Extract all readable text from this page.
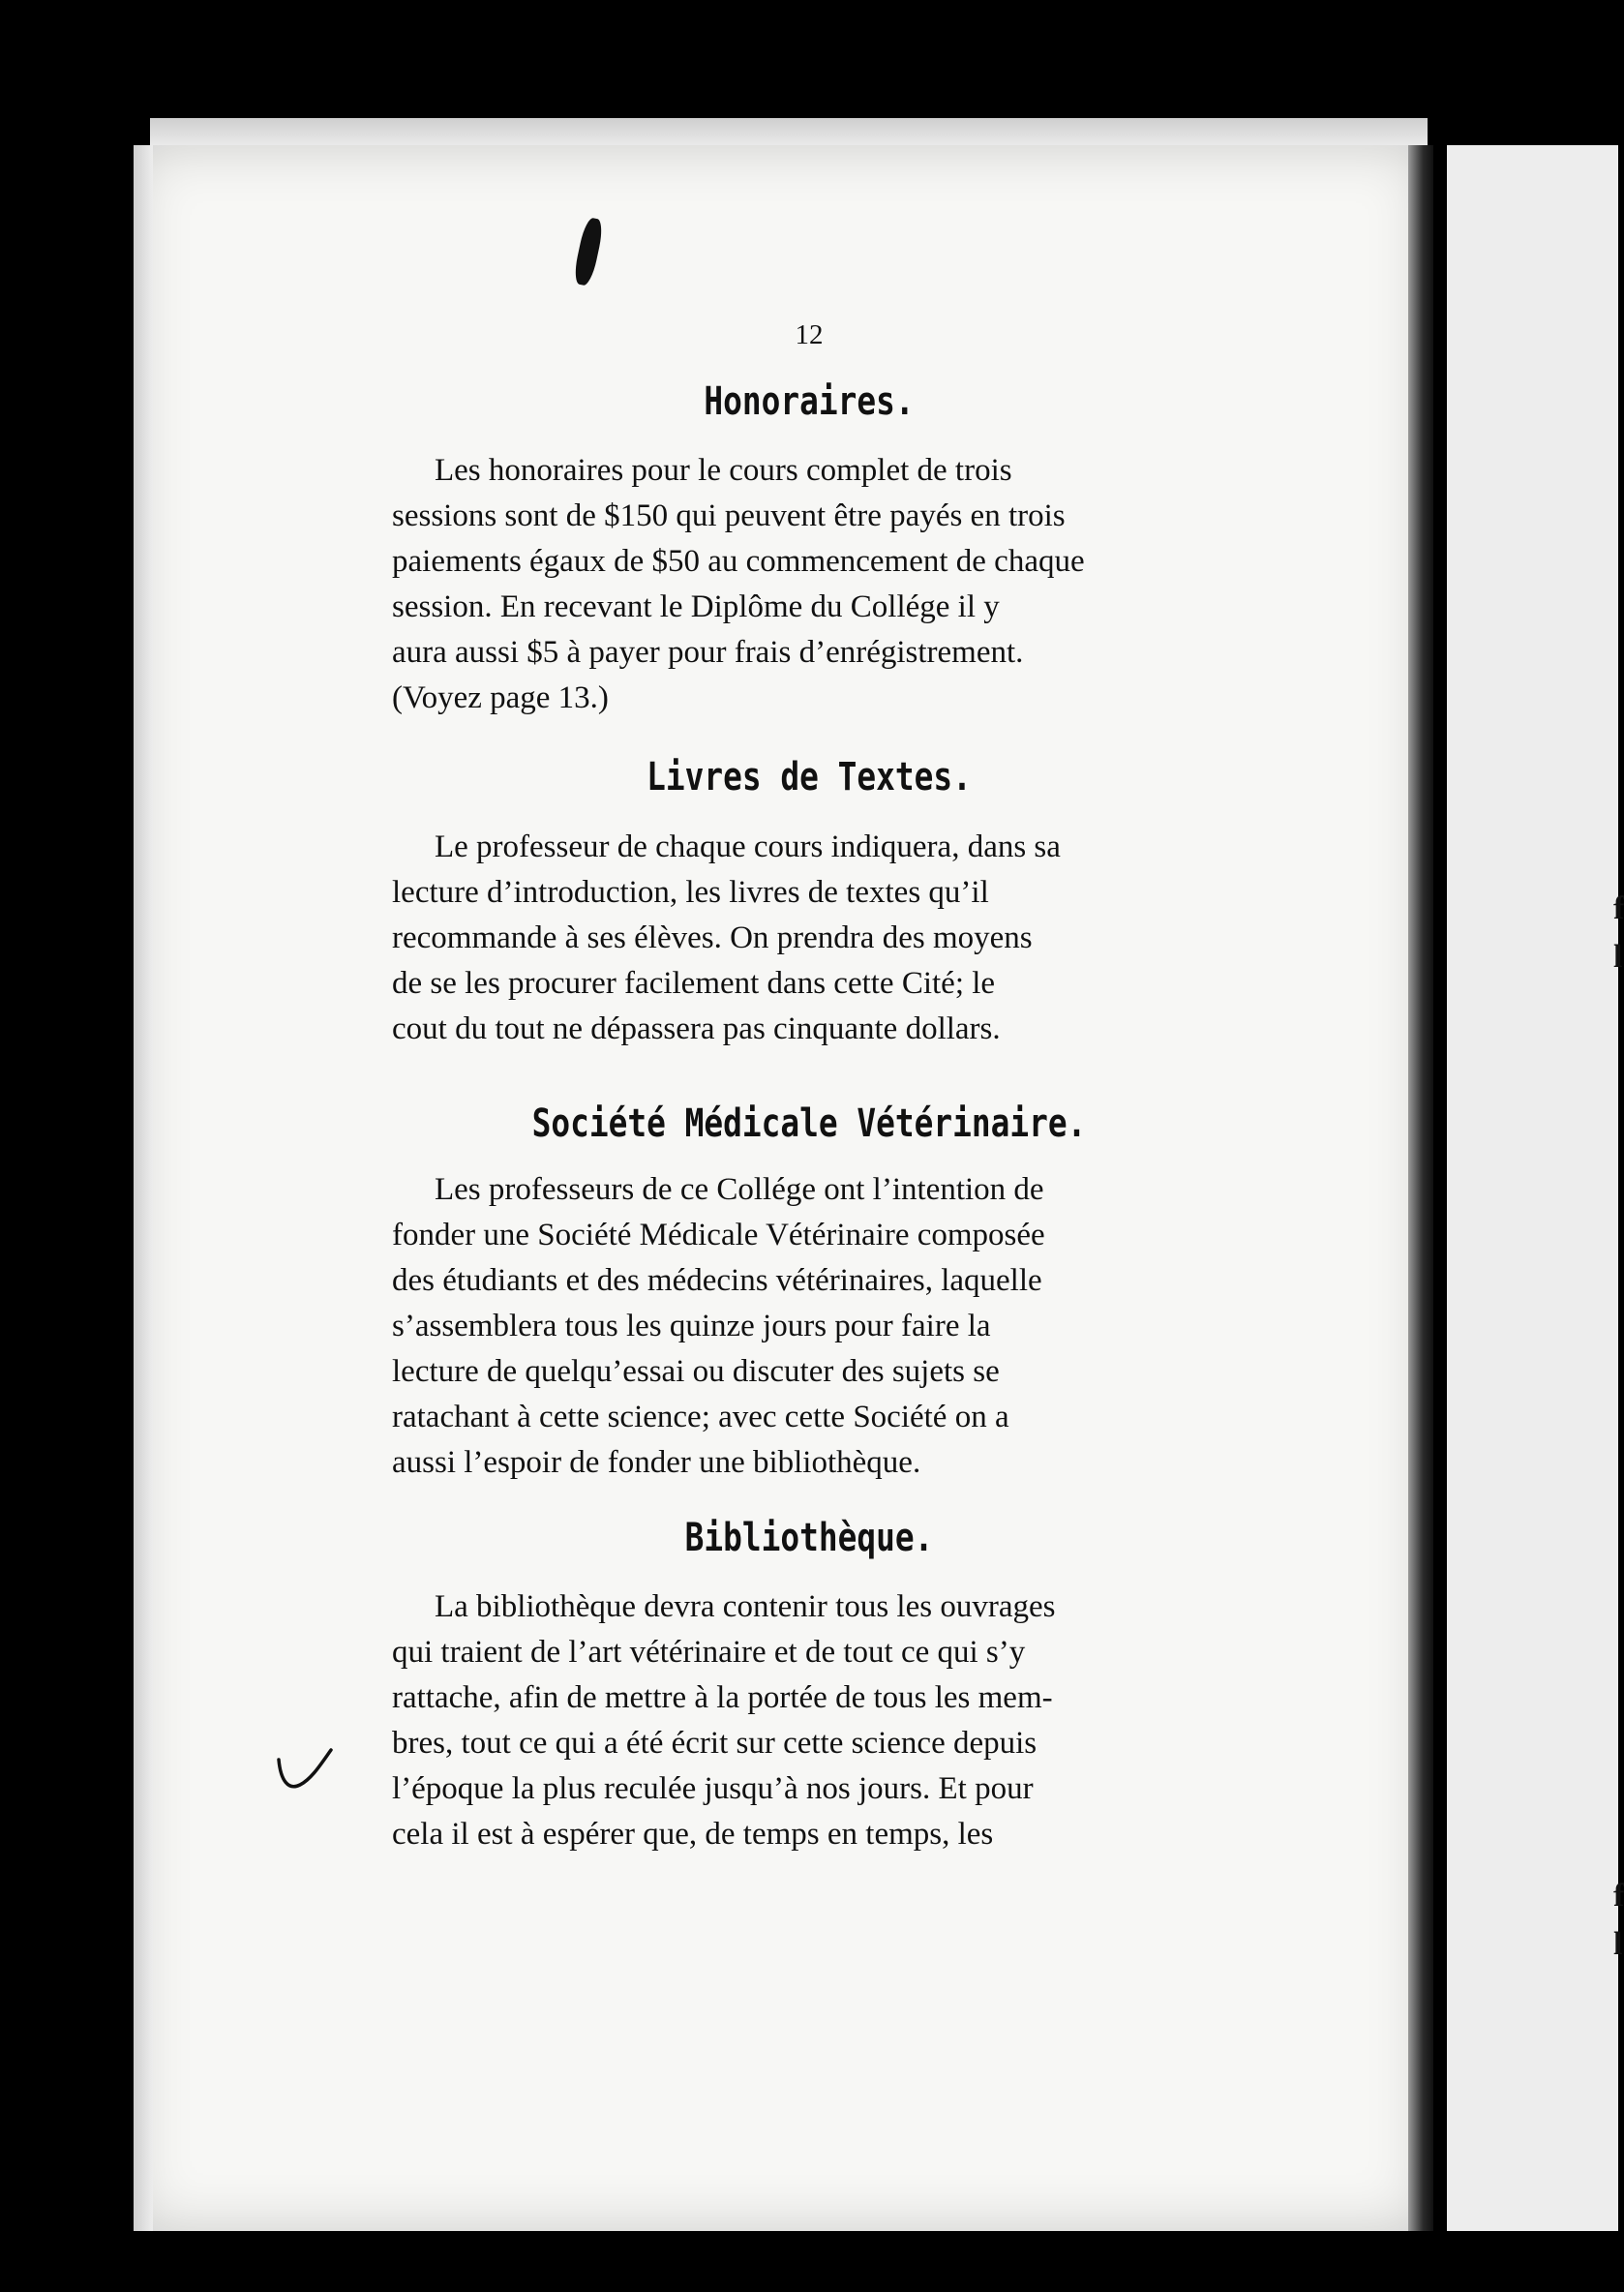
f
l
f
l
12
Honoraires.
Les honoraires pour le cours complet de trois
sessions sont de $150 qui peuvent être payés en trois
paiements égaux de $50 au commencement de chaque
session. En recevant le Diplôme du Collége il y
aura aussi $5 à payer pour frais d’enrégistrement.
(Voyez page 13.)
Livres de Textes.
Le professeur de chaque cours indiquera, dans sa
lecture d’introduction, les livres de textes qu’il
recommande à ses élèves. On prendra des moyens
de se les procurer facilement dans cette Cité; le
cout du tout ne dépassera pas cinquante dollars.
Société Médicale Vétérinaire.
Les professeurs de ce Collége ont l’intention de
fonder une Société Médicale Vétérinaire composée
des étudiants et des médecins vétérinaires, laquelle
s’assemblera tous les quinze jours pour faire la
lecture de quelqu’essai ou discuter des sujets se
ratachant à cette science; avec cette Société on a
aussi l’espoir de fonder une bibliothèque.
Bibliothèque.
La bibliothèque devra contenir tous les ouvrages
qui traient de l’art vétérinaire et de tout ce qui s’y
rattache, afin de mettre à la portée de tous les mem-
bres, tout ce qui a été écrit sur cette science depuis
l’époque la plus reculée jusqu’à nos jours. Et pour
cela il est à espérer que, de temps en temps, les
